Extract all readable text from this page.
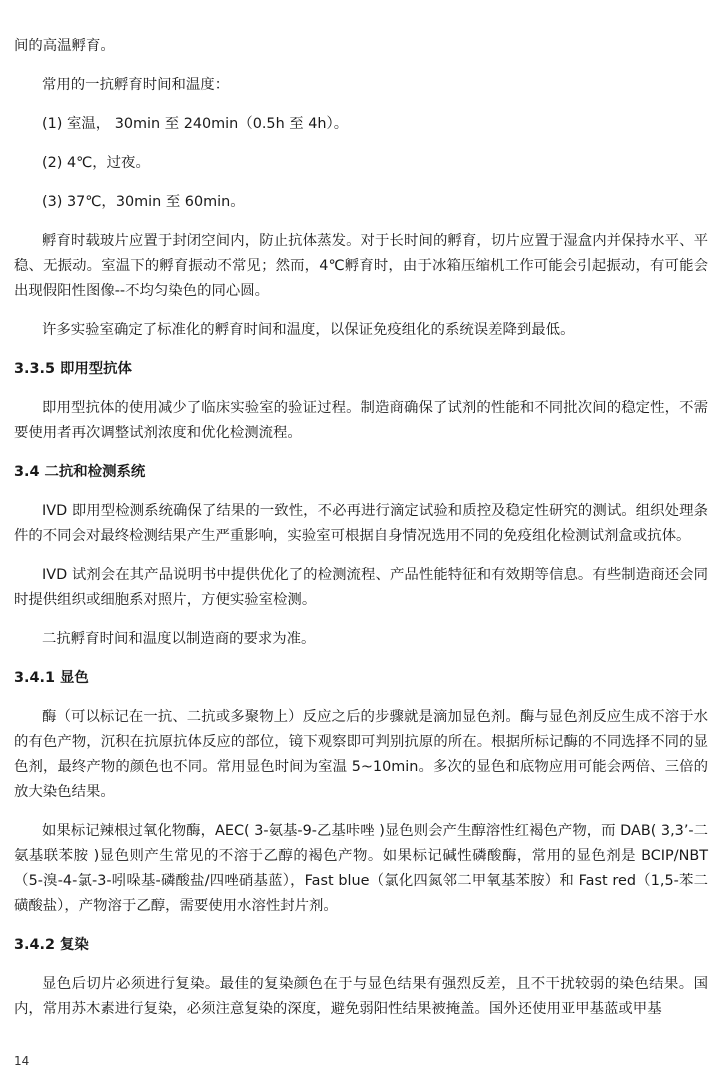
间的高温孵育。

常用的一抗孵育时间和温度：

(1) 室温， 30min 至 240min（0.5h 至 4h）。

(2) 4℃，过夜。

(3) 37℃，30min 至 60min。

孵育时载玻片应置于封闭空间内，防止抗体蒸发。对于长时间的孵育，切片应置于湿盒内并保持水平、平稳、无振动。室温下的孵育振动不常见；然而，4℃孵育时，由于冰箱压缩机工作可能会引起振动，有可能会出现假阳性图像--不均匀染色的同心圆。

许多实验室确定了标准化的孵育时间和温度，以保证免疫组化的系统误差降到最低。

3.3.5 即用型抗体

即用型抗体的使用减少了临床实验室的验证过程。制造商确保了试剂的性能和不同批次间的稳定性，不需要使用者再次调整试剂浓度和优化检测流程。

3.4 二抗和检测系统

IVD 即用型检测系统确保了结果的一致性，不必再进行滴定试验和质控及稳定性研究的测试。组织处理条件的不同会对最终检测结果产生严重影响，实验室可根据自身情况选用不同的免疫组化检测试剂盒或抗体。

IVD 试剂会在其产品说明书中提供优化了的检测流程、产品性能特征和有效期等信息。有些制造商还会同时提供组织或细胞系对照片，方便实验室检测。

二抗孵育时间和温度以制造商的要求为准。

3.4.1 显色

酶（可以标记在一抗、二抗或多聚物上）反应之后的步骤就是滴加显色剂。酶与显色剂反应生成不溶于水的有色产物，沉积在抗原抗体反应的部位，镜下观察即可判别抗原的所在。根据所标记酶的不同选择不同的显色剂，最终产物的颜色也不同。常用显色时间为室温 5~10min。多次的显色和底物应用可能会两倍、三倍的放大染色结果。

如果标记辣根过氧化物酶，AEC( 3-氨基-9-乙基咔唑 )显色则会产生醇溶性红褐色产物，而 DAB( 3,3’-二氨基联苯胺 )显色则产生常见的不溶于乙醇的褐色产物。如果标记碱性磷酸酶，常用的显色剂是 BCIP/NBT（5-溴-4-氯-3-吲哚基-磷酸盐/四唑硝基蓝），Fast blue（氯化四氮邻二甲氧基苯胺）和 Fast red（1,5-苯二磺酸盐），产物溶于乙醇，需要使用水溶性封片剂。

3.4.2 复染

显色后切片必须进行复染。最佳的复染颜色在于与显色结果有强烈反差，且不干扰较弱的染色结果。国内，常用苏木素进行复染，必须注意复染的深度，避免弱阳性结果被掩盖。国外还使用亚甲基蓝或甲基

14
